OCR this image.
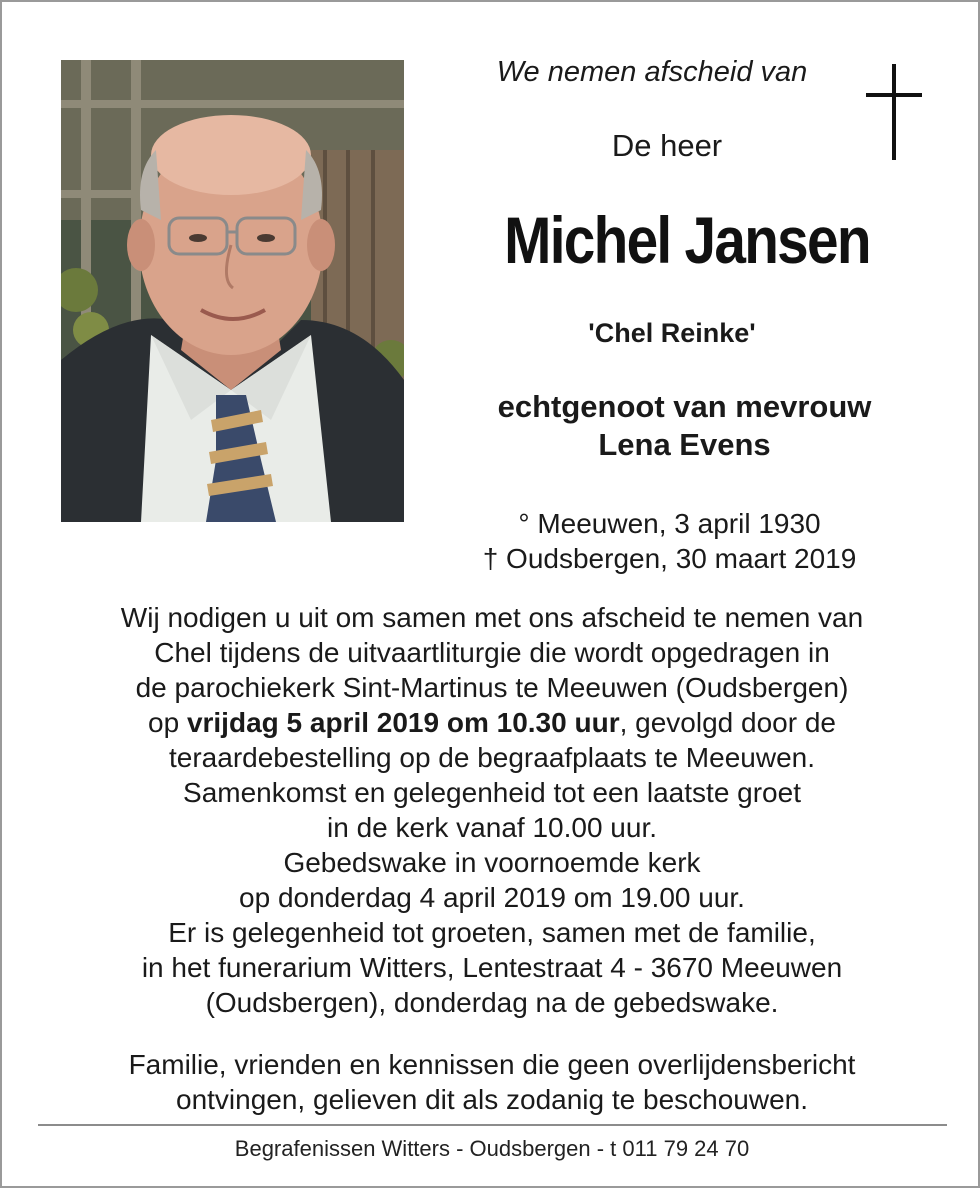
We nemen afscheid van
De heer
Michel Jansen
'Chel Reinke'
echtgenoot van mevrouw
Lena Evens
° Meeuwen, 3 april 1930
† Oudsbergen, 30 maart 2019
Wij nodigen u uit om samen met ons afscheid te nemen van
Chel tijdens de uitvaartliturgie die wordt opgedragen in
de parochiekerk Sint-Martinus te Meeuwen (Oudsbergen)
op vrijdag 5 april 2019 om 10.30 uur, gevolgd door de
teraardebestelling op de begraafplaats te Meeuwen.
Samenkomst en gelegenheid tot een laatste groet
in de kerk vanaf 10.00 uur.
Gebedswake in voornoemde kerk
op donderdag 4 april 2019 om 19.00 uur.
Er is gelegenheid tot groeten, samen met de familie,
in het funerarium Witters, Lentestraat 4 - 3670 Meeuwen
(Oudsbergen), donderdag na de gebedswake.
Familie, vrienden en kennissen die geen overlijdensbericht
ontvingen, gelieven dit als zodanig te beschouwen.
Begrafenissen Witters - Oudsbergen - t 011 79 24 70
